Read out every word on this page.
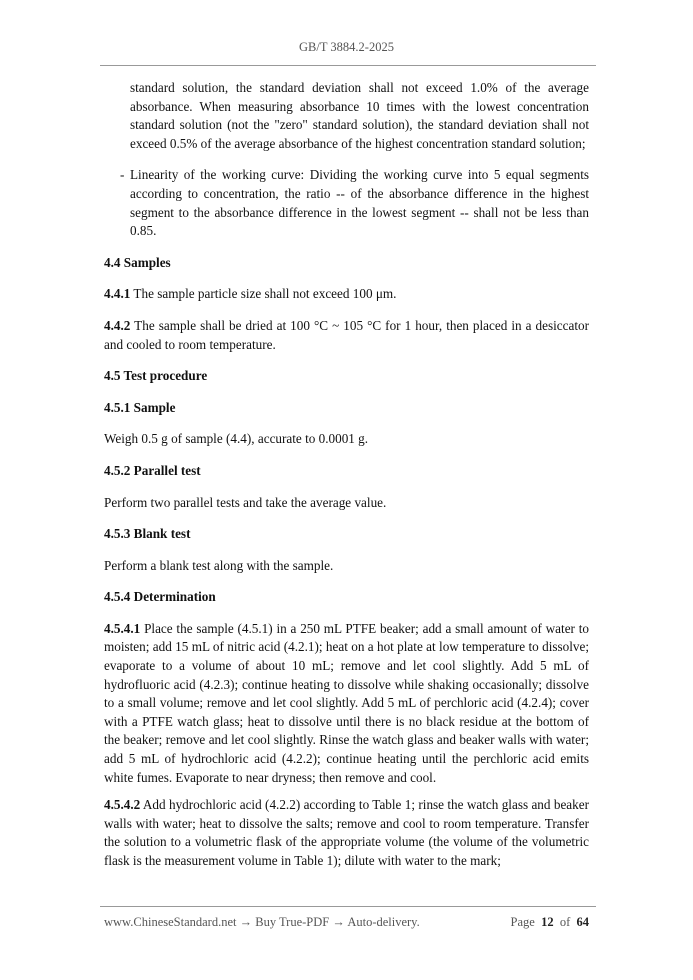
GB/T 3884.2-2025

standard solution, the standard deviation shall not exceed 1.0% of the average absorbance. When measuring absorbance 10 times with the lowest concentration standard solution (not the "zero" standard solution), the standard deviation shall not exceed 0.5% of the average absorbance of the highest concentration standard solution;

- Linearity of the working curve: Dividing the working curve into 5 equal segments according to concentration, the ratio -- of the absorbance difference in the highest segment to the absorbance difference in the lowest segment -- shall not be less than 0.85.

4.4 Samples

4.4.1 The sample particle size shall not exceed 100 μm.

4.4.2 The sample shall be dried at 100 °C ~ 105 °C for 1 hour, then placed in a desiccator and cooled to room temperature.

4.5 Test procedure

4.5.1 Sample

Weigh 0.5 g of sample (4.4), accurate to 0.0001 g.

4.5.2 Parallel test

Perform two parallel tests and take the average value.

4.5.3 Blank test

Perform a blank test along with the sample.

4.5.4 Determination

4.5.4.1 Place the sample (4.5.1) in a 250 mL PTFE beaker; add a small amount of water to moisten; add 15 mL of nitric acid (4.2.1); heat on a hot plate at low temperature to dissolve; evaporate to a volume of about 10 mL; remove and let cool slightly. Add 5 mL of hydrofluoric acid (4.2.3); continue heating to dissolve while shaking occasionally; dissolve to a small volume; remove and let cool slightly. Add 5 mL of perchloric acid (4.2.4); cover with a PTFE watch glass; heat to dissolve until there is no black residue at the bottom of the beaker; remove and let cool slightly. Rinse the watch glass and beaker walls with water; add 5 mL of hydrochloric acid (4.2.2); continue heating until the perchloric acid emits white fumes. Evaporate to near dryness; then remove and cool.

4.5.4.2 Add hydrochloric acid (4.2.2) according to Table 1; rinse the watch glass and beaker walls with water; heat to dissolve the salts; remove and cool to room temperature. Transfer the solution to a volumetric flask of the appropriate volume (the volume of the volumetric flask is the measurement volume in Table 1); dilute with water to the mark;

www.ChineseStandard.net → Buy True-PDF → Auto-delivery.	Page 12 of 64
